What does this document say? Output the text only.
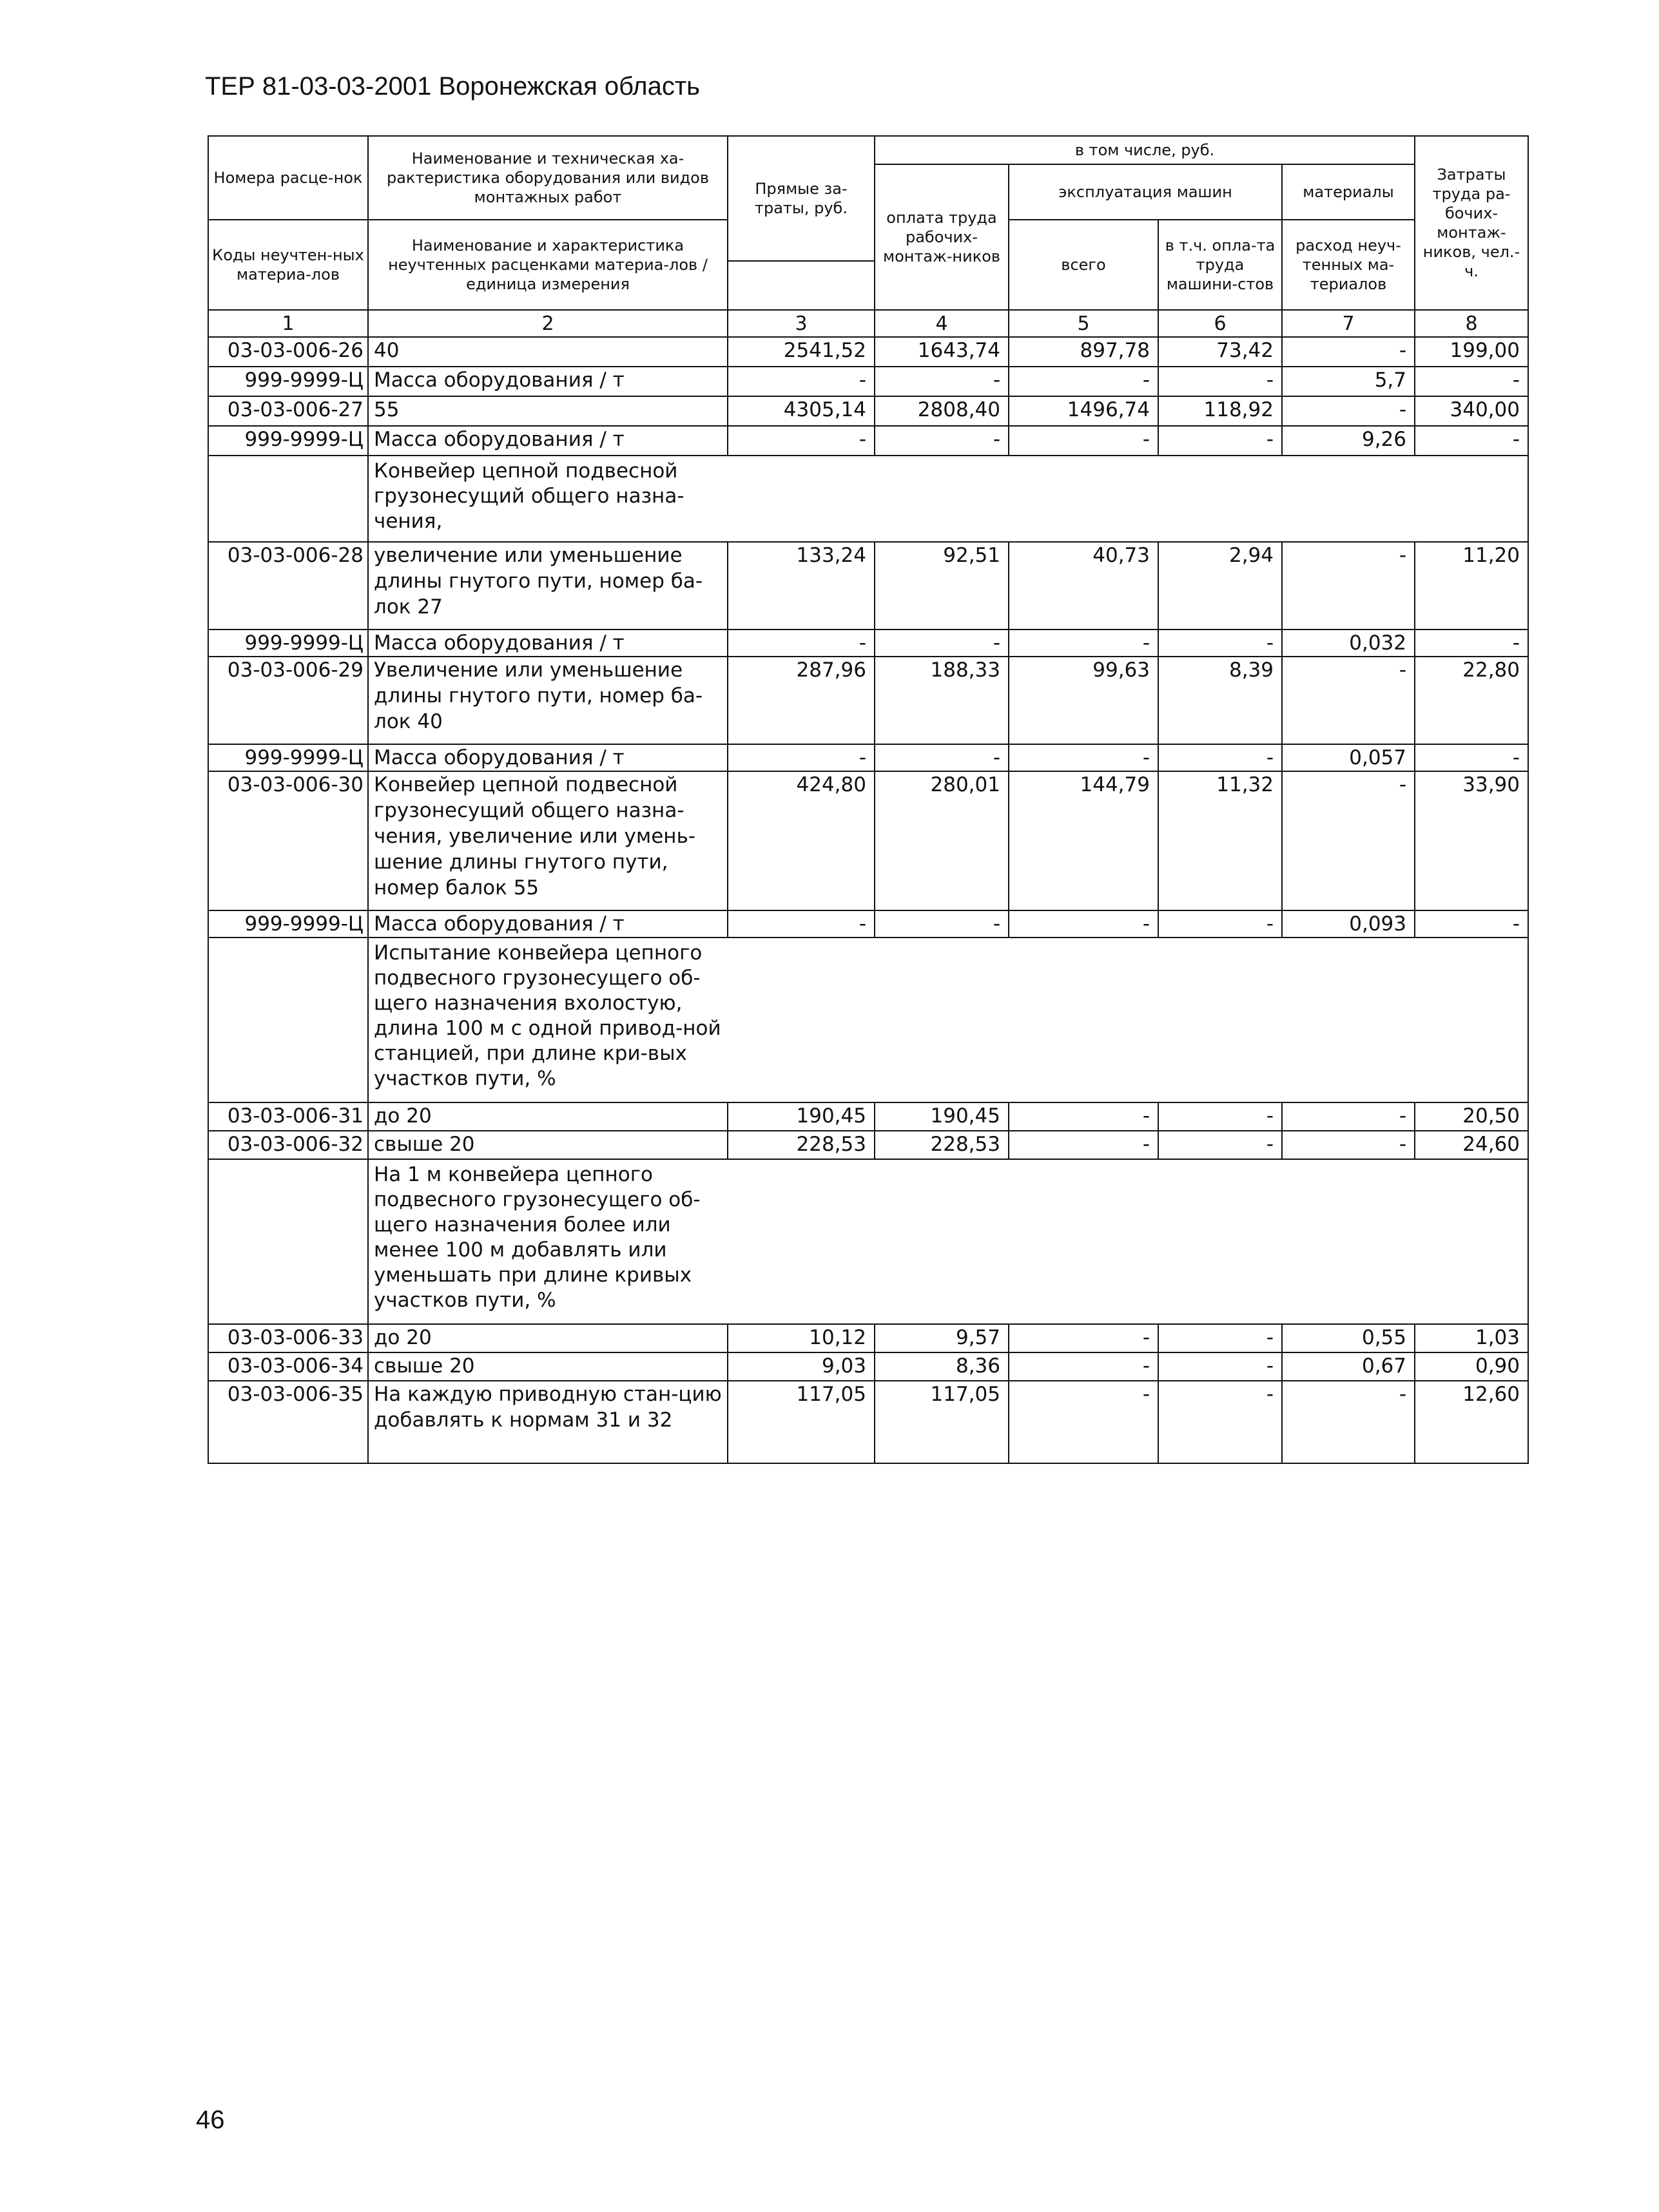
ТЕР 81-03-03-2001 Воронежская область
Номера расце-нок	Наименование и техническая ха-рактеристика оборудования или видов монтажных работ	Прямые за-траты, руб.	в том числе, руб.				Затраты труда ра-бочих-монтаж-ников, чел.-ч.
			оплата труда рабочих-монтаж-ников	эксплуатация машин		материалы	

Коды неучтен-ных материа-лов	Наименование и характеристика неучтенных расценками материа-лов / единица измерения			всего	в т.ч. опла-та труда машини-стов	расход неуч-тенных ма-териалов	

1	2	3	4	5	6	7	8
03-03-006-26	40	2541,52	1643,74	897,78	73,42	-	199,00
999-9999-Ц	Масса оборудования / т	-	-	-	-	5,7	-
03-03-006-27	55	4305,14	2808,40	1496,74	118,92	-	340,00
999-9999-Ц	Масса оборудования / т	-	-	-	-	9,26	-
	Конвейер цепной подвесной грузонесущий общего назна-чения,						
03-03-006-28	увеличение или уменьшение длины гнутого пути, номер ба-лок 27	133,24	92,51	40,73	2,94	-	11,20
999-9999-Ц	Масса оборудования / т	-	-	-	-	0,032	-
03-03-006-29	Увеличение или уменьшение длины гнутого пути, номер ба-лок 40	287,96	188,33	99,63	8,39	-	22,80
999-9999-Ц	Масса оборудования / т	-	-	-	-	0,057	-
03-03-006-30	Конвейер цепной подвесной грузонесущий общего назна-чения, увеличение или умень-шение длины гнутого пути, номер балок 55	424,80	280,01	144,79	11,32	-	33,90
999-9999-Ц	Масса оборудования / т	-	-	-	-	0,093	-
	Испытание конвейера цепного подвесного грузонесущего об-щего назначения вхолостую, длина 100 м с одной привод-ной станцией, при длине кри-вых участков пути, %						
03-03-006-31	до 20	190,45	190,45	-	-	-	20,50
03-03-006-32	свыше 20	228,53	228,53	-	-	-	24,60
	На 1 м конвейера цепного подвесного грузонесущего об-щего назначения более или менее 100 м добавлять или уменьшать при длине кривых участков пути, %						
03-03-006-33	до 20	10,12	9,57	-	-	0,55	1,03
03-03-006-34	свыше 20	9,03	8,36	-	-	0,67	0,90
03-03-006-35	На каждую приводную стан-цию добавлять к нормам 31 и 32	117,05	117,05	-	-	-	12,60
46
